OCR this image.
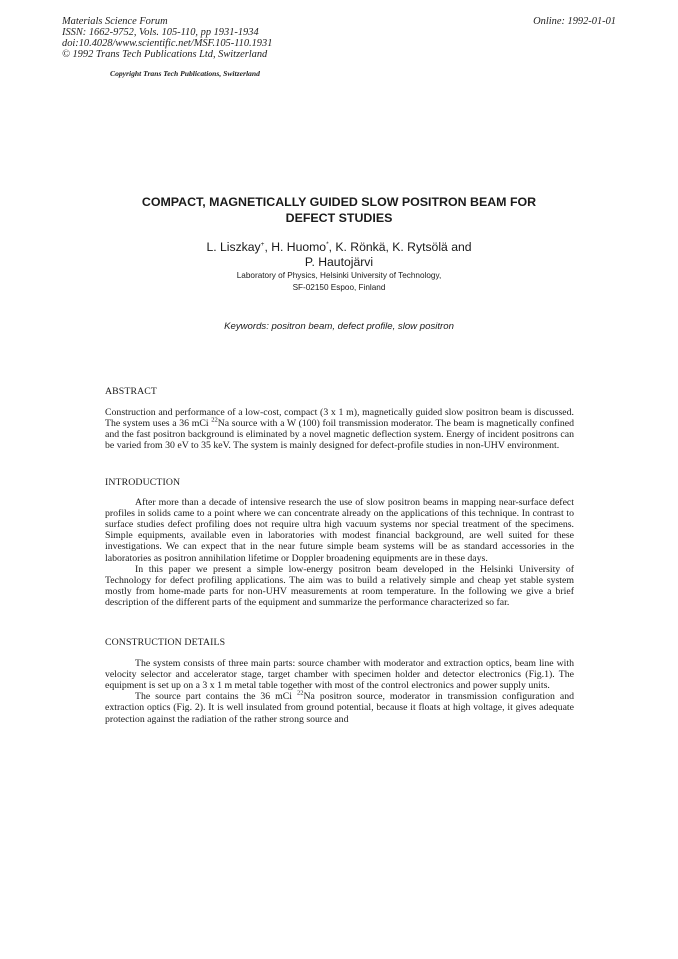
Materials Science Forum
ISSN: 1662-9752, Vols. 105-110, pp 1931-1934
doi:10.4028/www.scientific.net/MSF.105-110.1931
© 1992 Trans Tech Publications Ltd, Switzerland
Online: 1992-01-01
Copyright Trans Tech Publications, Switzerland
COMPACT, MAGNETICALLY GUIDED SLOW POSITRON BEAM FOR
DEFECT STUDIES
L. Liszkay+, H. Huomo*, K. Rönkä, K. Rytsölä and
P. Hautojärvi
Laboratory of Physics, Helsinki University of Technology,
SF-02150 Espoo, Finland
Keywords: positron beam, defect profile, slow positron

ABSTRACT

Construction and performance of a low-cost, compact (3 x 1 m), magnetically guided slow positron beam is discussed. The system uses a 36 mCi $^{22}$Na source with a W (100) foil transmission moderator. The beam is magnetically confined and the fast positron background is eliminated by a novel magnetic deflection system. Energy of incident positrons can be varied from 30 eV to 35 keV. The system is mainly designed for defect-profile studies in non-UHV environment.

INTRODUCTION

After more than a decade of intensive research the use of slow positron beams in mapping near-surface defect profiles in solids came to a point where we can concentrate already on the applications of this technique. In contrast to surface studies defect profiling does not require ultra high vacuum systems nor special treatment of the specimens. Simple equipments, available even in laboratories with modest financial background, are well suited for these investigations. We can expect that in the near future simple beam systems will be as standard accessories in the laboratories as positron annihilation lifetime or Doppler broadening equipments are in these days.

In this paper we present a simple low-energy positron beam developed in the Helsinki University of Technology for defect profiling applications. The aim was to build a relatively simple and cheap yet stable system mostly from home-made parts for non-UHV measurements at room temperature. In the following we give a brief description of the different parts of the equipment and summarize the performance characterized so far.

CONSTRUCTION DETAILS

The system consists of three main parts: source chamber with moderator and extraction optics, beam line with velocity selector and accelerator stage, target chamber with specimen holder and detector electronics (Fig.1). The equipment is set up on a 3 x 1 m metal table together with most of the control electronics and power supply units.

The source part contains the 36 mCi $^{22}$Na positron source, moderator in transmission configuration and extraction optics (Fig. 2). It is well insulated from ground potential, because it floats at high voltage, it gives adequate protection against the radiation of the rather strong source and
